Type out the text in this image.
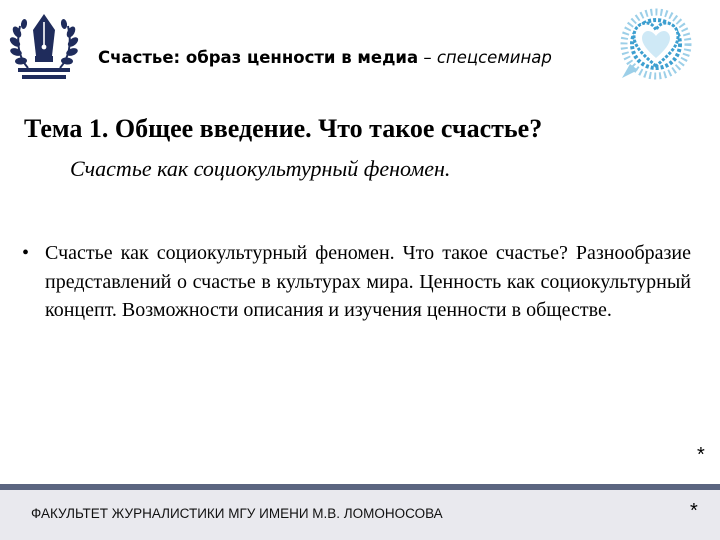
Счастье: образ ценности в медиа – спецсеминар
Тема 1. Общее введение. Что такое счастье?
Счастье как социокультурный феномен.
• Счастье как социокультурный феномен. Что такое счастье? Разнообразие представлений о счастье в культурах мира. Ценность как социокультурный концепт. Возможности описания и изучения ценности в обществе.
*
ФАКУЛЬТЕТ ЖУРНАЛИСТИКИ МГУ ИМЕНИ М.В. ЛОМОНОСОВА	*
